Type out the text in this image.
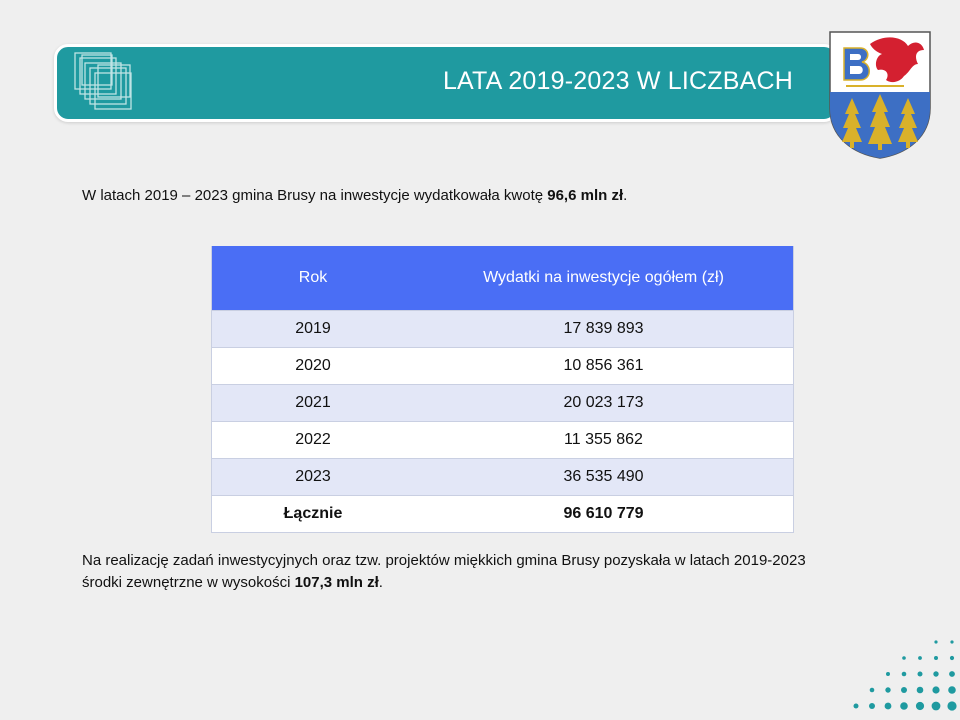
LATA 2019-2023 W LICZBACH
W latach 2019 – 2023 gmina Brusy na inwestycje wydatkowała kwotę 96,6 mln zł.
Rok	Wydatki na inwestycje ogółem (zł)
2019	17 839 893
2020	10 856 361
2021	20 023 173
2022	11 355 862
2023	36 535 490
Łącznie	96 610 779
Na realizację zadań inwestycyjnych oraz tzw. projektów miękkich gmina Brusy pozyskała w latach 2019-2023
środki zewnętrzne w wysokości 107,3 mln zł.
